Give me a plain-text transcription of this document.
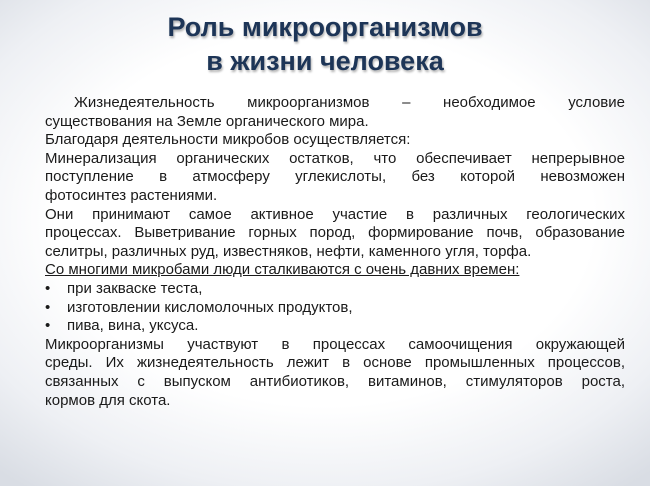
Роль микроорганизмов
в жизни человека
Жизнедеятельность микроорганизмов – необходимое условие
существования на Земле органического мира.
Благодаря деятельности микробов осуществляется:
Минерализация органических остатков, что обеспечивает непрерывное
поступление в атмосферу углекислоты, без которой невозможен
фотосинтез растениями.
Они принимают самое активное участие в различных геологических
процессах. Выветривание горных пород, формирование почв, образование
селитры, различных руд, известняков, нефти, каменного угля, торфа.
Со многими микробами люди сталкиваются с очень давних времен:
• при закваске теста,
• изготовлении кисломолочных продуктов,
• пива, вина, уксуса.
Микроорганизмы участвуют в процессах самоочищения окружающей
среды. Их жизнедеятельность лежит в основе промышленных процессов,
связанных с выпуском антибиотиков, витаминов, стимуляторов роста,
кормов для скота.
